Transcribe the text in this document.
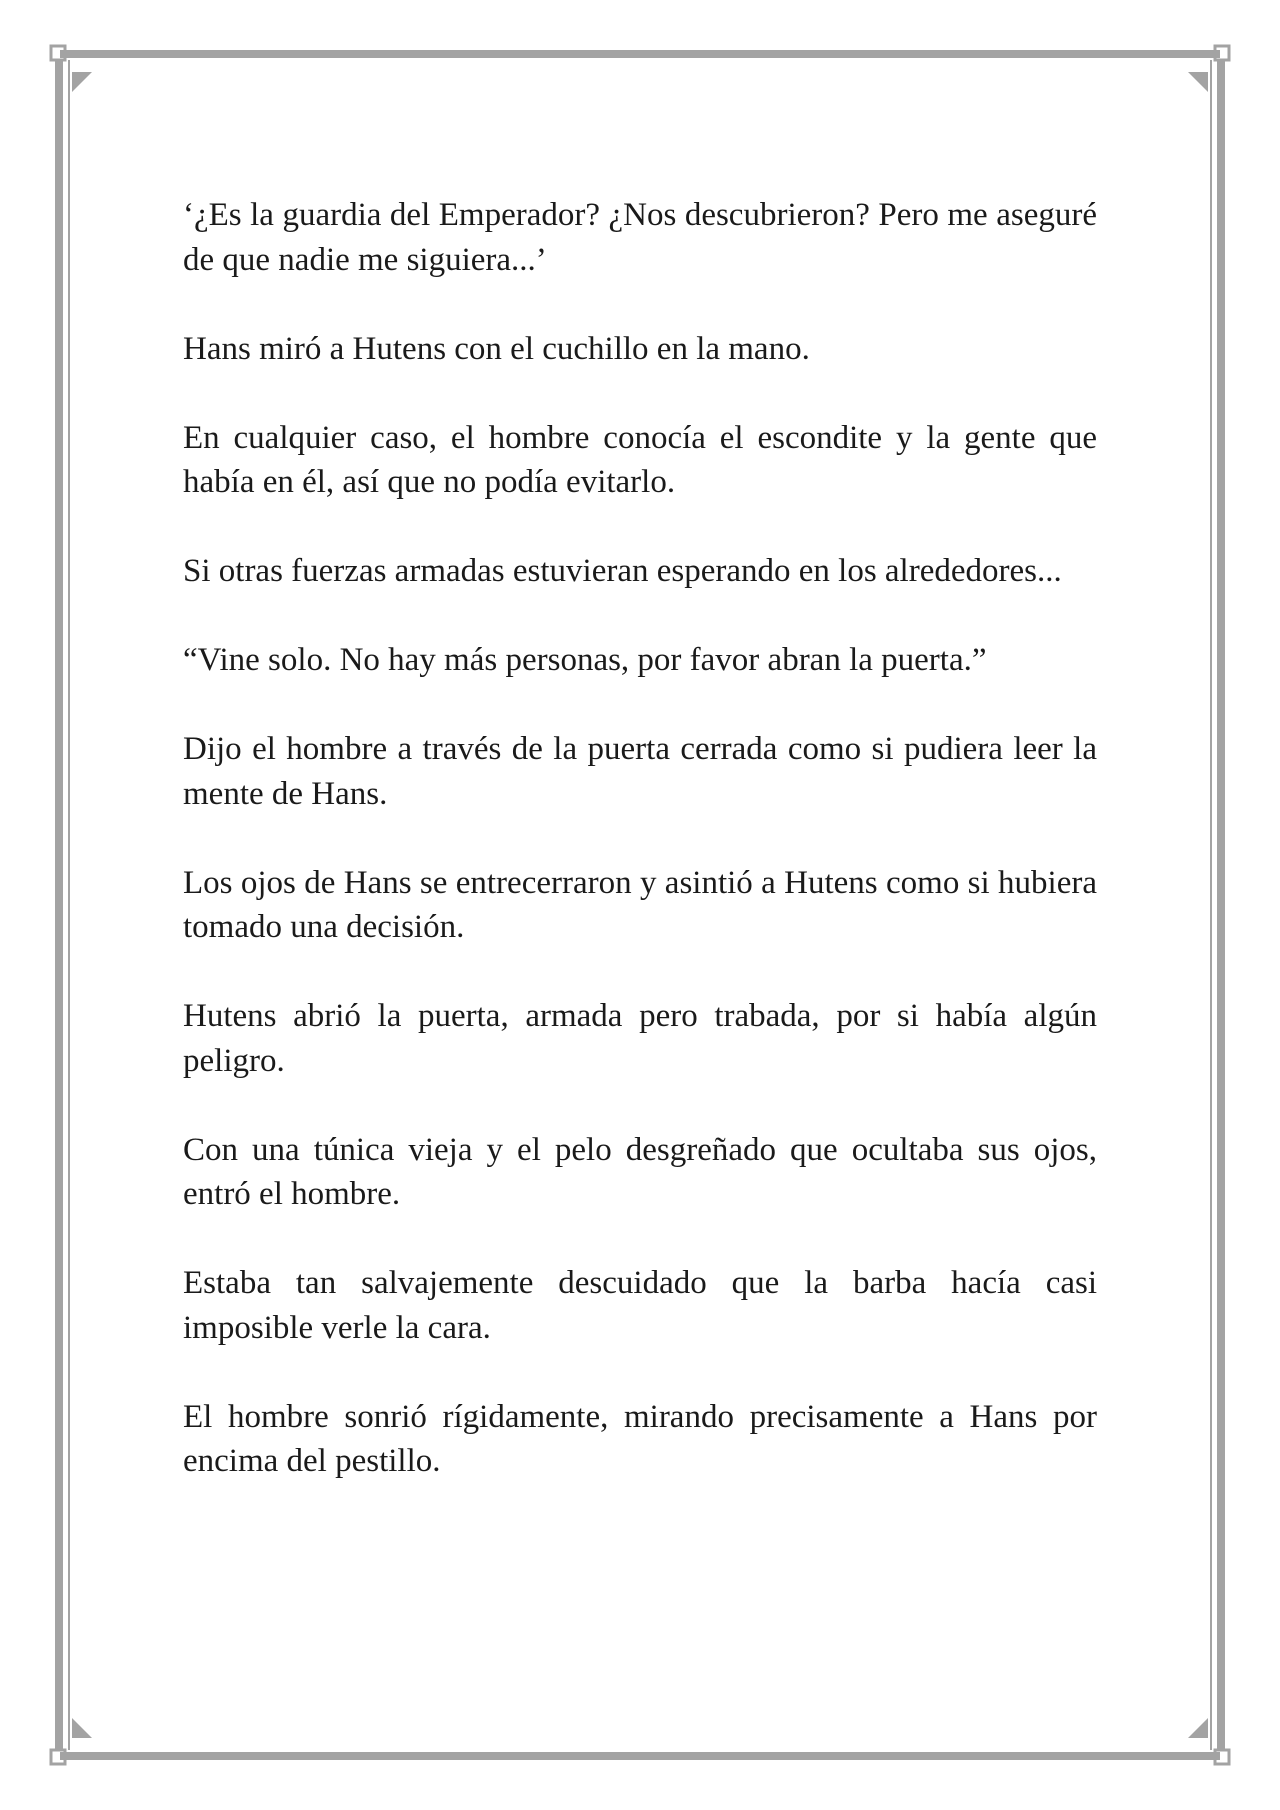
‘¿Es la guardia del Emperador? ¿Nos descubrieron? Pero me aseguré de que nadie me siguiera...’

Hans miró a Hutens con el cuchillo en la mano.

En cualquier caso, el hombre conocía el escondite y la gente que había en él, así que no podía evitarlo.

Si otras fuerzas armadas estuvieran esperando en los alrededores...

“Vine solo. No hay más personas, por favor abran la puerta.”

Dijo el hombre a través de la puerta cerrada como si pudiera leer la mente de Hans.

Los ojos de Hans se entrecerraron y asintió a Hutens como si hubiera tomado una decisión.

Hutens abrió la puerta, armada pero trabada, por si había algún peligro.

Con una túnica vieja y el pelo desgreñado que ocultaba sus ojos, entró el hombre.

Estaba tan salvajemente descuidado que la barba hacía casi imposible verle la cara.

El hombre sonrió rígidamente, mirando precisamente a Hans por encima del pestillo.
